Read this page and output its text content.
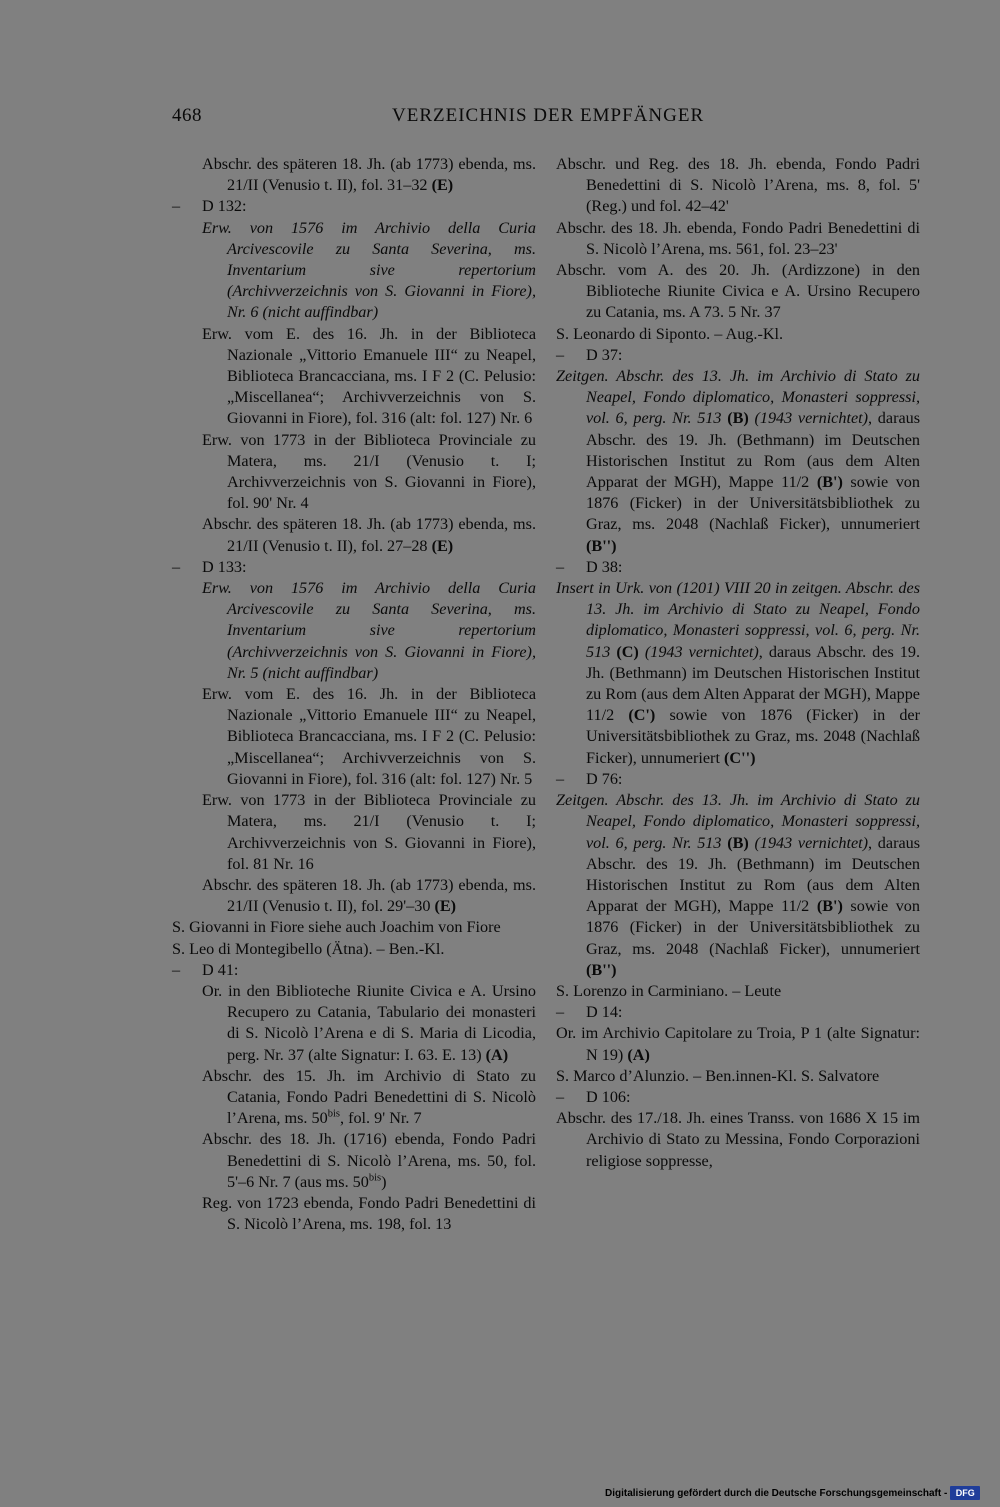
468	VERZEICHNIS DER EMPFÄNGER
Abschr. des späteren 18. Jh. (ab 1773) ebenda, ms. 21/II (Venusio t. II), fol. 31–32 (E)
– D 132:
Erw. von 1576 im Archivio della Curia Arcivescovile zu Santa Severina, ms. Inventarium sive repertorium (Archivverzeichnis von S. Giovanni in Fiore), Nr. 6 (nicht auffindbar)
Erw. vom E. des 16. Jh. in der Biblioteca Nazionale „Vittorio Emanuele III“ zu Neapel, Biblioteca Brancacciana, ms. I F 2 (C. Pelusio: „Miscellanea“; Archivverzeichnis von S. Giovanni in Fiore), fol. 316 (alt: fol. 127) Nr. 6
Erw. von 1773 in der Biblioteca Provinciale zu Matera, ms. 21/I (Venusio t. I; Archivverzeichnis von S. Giovanni in Fiore), fol. 90' Nr. 4
Abschr. des späteren 18. Jh. (ab 1773) ebenda, ms. 21/II (Venusio t. II), fol. 27–28 (E)
– D 133:
Erw. von 1576 im Archivio della Curia Arcivescovile zu Santa Severina, ms. Inventarium sive repertorium (Archivverzeichnis von S. Giovanni in Fiore), Nr. 5 (nicht auffindbar)
Erw. vom E. des 16. Jh. in der Biblioteca Nazionale „Vittorio Emanuele III“ zu Neapel, Biblioteca Brancacciana, ms. I F 2 (C. Pelusio: „Miscellanea“; Archivverzeichnis von S. Giovanni in Fiore), fol. 316 (alt: fol. 127) Nr. 5
Erw. von 1773 in der Biblioteca Provinciale zu Matera, ms. 21/I (Venusio t. I; Archivverzeichnis von S. Giovanni in Fiore), fol. 81 Nr. 16
Abschr. des späteren 18. Jh. (ab 1773) ebenda, ms. 21/II (Venusio t. II), fol. 29'–30 (E)
S. Giovanni in Fiore siehe auch Joachim von Fiore
S. Leo di Montegibello (Ätna). – Ben.-Kl.
– D 41:
Or. in den Biblioteche Riunite Civica e A. Ursino Recupero zu Catania, Tabulario dei monasteri di S. Nicolò l’Arena e di S. Maria di Licodia, perg. Nr. 37 (alte Signatur: I. 63. E. 13) (A)
Abschr. des 15. Jh. im Archivio di Stato zu Catania, Fondo Padri Benedettini di S. Nicolò l’Arena, ms. $50^{bis}$, fol. 9' Nr. 7
Abschr. des 18. Jh. (1716) ebenda, Fondo Padri Benedettini di S. Nicolò l’Arena, ms. 50, fol. 5'–6 Nr. 7 (aus ms. $50^{bis}$)
Reg. von 1723 ebenda, Fondo Padri Benedettini di S. Nicolò l’Arena, ms. 198, fol. 13
Abschr. und Reg. des 18. Jh. ebenda, Fondo Padri Benedettini di S. Nicolò l’Arena, ms. 8, fol. 5' (Reg.) und fol. 42–42'
Abschr. des 18. Jh. ebenda, Fondo Padri Benedettini di S. Nicolò l’Arena, ms. 561, fol. 23–23'
Abschr. vom A. des 20. Jh. (Ardizzone) in den Biblioteche Riunite Civica e A. Ursino Recupero zu Catania, ms. A 73. 5 Nr. 37
S. Leonardo di Siponto. – Aug.-Kl.
– D 37:
Zeitgen. Abschr. des 13. Jh. im Archivio di Stato zu Neapel, Fondo diplomatico, Monasteri soppressi, vol. 6, perg. Nr. 513 (B) (1943 vernichtet), daraus Abschr. des 19. Jh. (Bethmann) im Deutschen Historischen Institut zu Rom (aus dem Alten Apparat der MGH), Mappe 11/2 (B') sowie von 1876 (Ficker) in der Universitätsbibliothek zu Graz, ms. 2048 (Nachlaß Ficker), unnumeriert (B'')
– D 38:
Insert in Urk. von (1201) VIII 20 in zeitgen. Abschr. des 13. Jh. im Archivio di Stato zu Neapel, Fondo diplomatico, Monasteri soppressi, vol. 6, perg. Nr. 513 (C) (1943 vernichtet), daraus Abschr. des 19. Jh. (Bethmann) im Deutschen Historischen Institut zu Rom (aus dem Alten Apparat der MGH), Mappe 11/2 (C') sowie von 1876 (Ficker) in der Universitätsbibliothek zu Graz, ms. 2048 (Nachlaß Ficker), unnumeriert (C'')
– D 76:
Zeitgen. Abschr. des 13. Jh. im Archivio di Stato zu Neapel, Fondo diplomatico, Monasteri soppressi, vol. 6, perg. Nr. 513 (B) (1943 vernichtet), daraus Abschr. des 19. Jh. (Bethmann) im Deutschen Historischen Institut zu Rom (aus dem Alten Apparat der MGH), Mappe 11/2 (B') sowie von 1876 (Ficker) in der Universitätsbibliothek zu Graz, ms. 2048 (Nachlaß Ficker), unnumeriert (B'')
S. Lorenzo in Carminiano. – Leute
– D 14:
Or. im Archivio Capitolare zu Troia, P 1 (alte Signatur: N 19) (A)
S. Marco d’Alunzio. – Ben.innen-Kl. S. Salvatore
– D 106:
Abschr. des 17./18. Jh. eines Transs. von 1686 X 15 im Archivio di Stato zu Messina, Fondo Corporazioni religiose soppresse,
Digitalisierung gefördert durch die Deutsche Forschungsgemeinschaft - DFG
